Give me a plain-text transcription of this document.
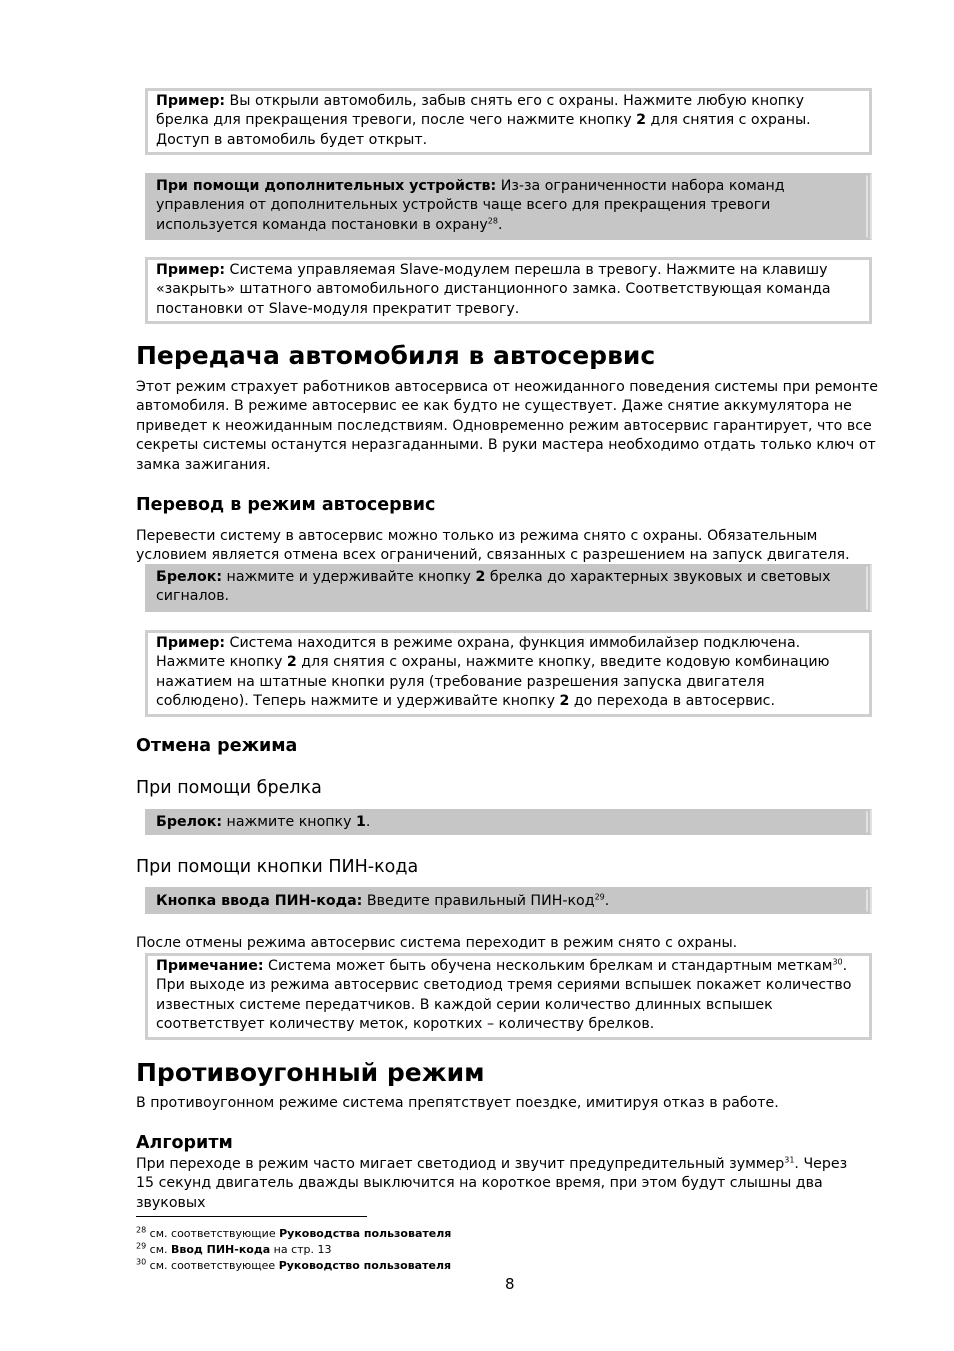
Пример: Вы открыли автомобиль, забыв снять его с охраны. Нажмите любую кнопку брелка для прекращения тревоги, после чего нажмите кнопку 2 для снятия с охраны. Доступ в автомобиль будет открыт.
При помощи дополнительных устройств: Из-за ограниченности набора команд управления от дополнительных устройств чаще всего для прекращения тревоги используется команда постановки в охрану$^{28}$.
Пример: Система управляемая Slave-модулем перешла в тревогу. Нажмите на клавишу «закрыть» штатного автомобильного дистанционного замка. Соответствующая команда постановки от Slave-модуля прекратит тревогу.
Передача автомобиля в автосервис
Этот режим страхует работников автосервиса от неожиданного поведения системы при ремонте автомобиля. В режиме автосервис ее как будто не существует. Даже снятие аккумулятора не приведет к неожиданным последствиям. Одновременно режим автосервис гарантирует, что все секреты системы останутся неразгаданными. В руки мастера необходимо отдать только ключ от замка зажигания.
Перевод в режим автосервис
Перевести систему в автосервис можно только из режима снято с охраны. Обязательным условием является отмена всех ограничений, связанных с разрешением на запуск двигателя.
Брелок: нажмите и удерживайте кнопку 2 брелка до характерных звуковых и световых сигналов.
Пример: Система находится в режиме охрана, функция иммобилайзер подключена. Нажмите кнопку 2 для снятия с охраны, нажмите кнопку, введите кодовую комбинацию нажатием на штатные кнопки руля (требование разрешения запуска двигателя соблюдено). Теперь нажмите и удерживайте кнопку 2 до перехода в автосервис.
Отмена режима
При помощи брелка
Брелок: нажмите кнопку 1.
При помощи кнопки ПИН-кода
Кнопка ввода ПИН-кода: Введите правильный ПИН-код$^{29}$.
После отмены режима автосервис система переходит в режим снято с охраны.
Примечание: Система может быть обучена нескольким брелкам и стандартным меткам$^{30}$. При выходе из режима автосервис светодиод тремя сериями вспышек покажет количество известных системе передатчиков. В каждой серии количество длинных вспышек соответствует количеству меток, коротких – количеству брелков.
Противоугонный режим
В противоугонном режиме система препятствует поездке, имитируя отказ в работе.
Алгоритм
При переходе в режим часто мигает светодиод и звучит предупредительный зуммер$^{31}$. Через 15 секунд двигатель дважды выключится на короткое время, при этом будут слышны два звуковых
$^{28}$ см. соответствующие Руководства пользователя
$^{29}$ см. Ввод ПИН-кода на стр. 13
$^{30}$ см. соответствующее Руководство пользователя
8
